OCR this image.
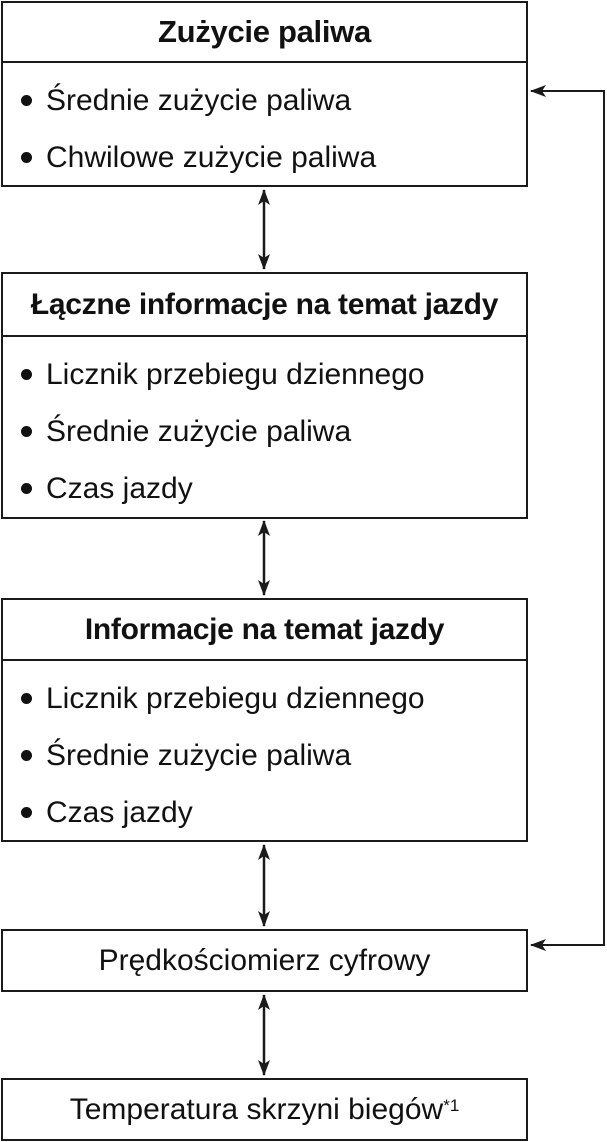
Zużycie paliwa
Średnie zużycie paliwa
Chwilowe zużycie paliwa
Łączne informacje na temat jazdy
Licznik przebiegu dziennego
Średnie zużycie paliwa
Czas jazdy
Informacje na temat jazdy
Licznik przebiegu dziennego
Średnie zużycie paliwa
Czas jazdy
Prędkościomierz cyfrowy
Temperatura skrzyni biegów$^{*1}$
